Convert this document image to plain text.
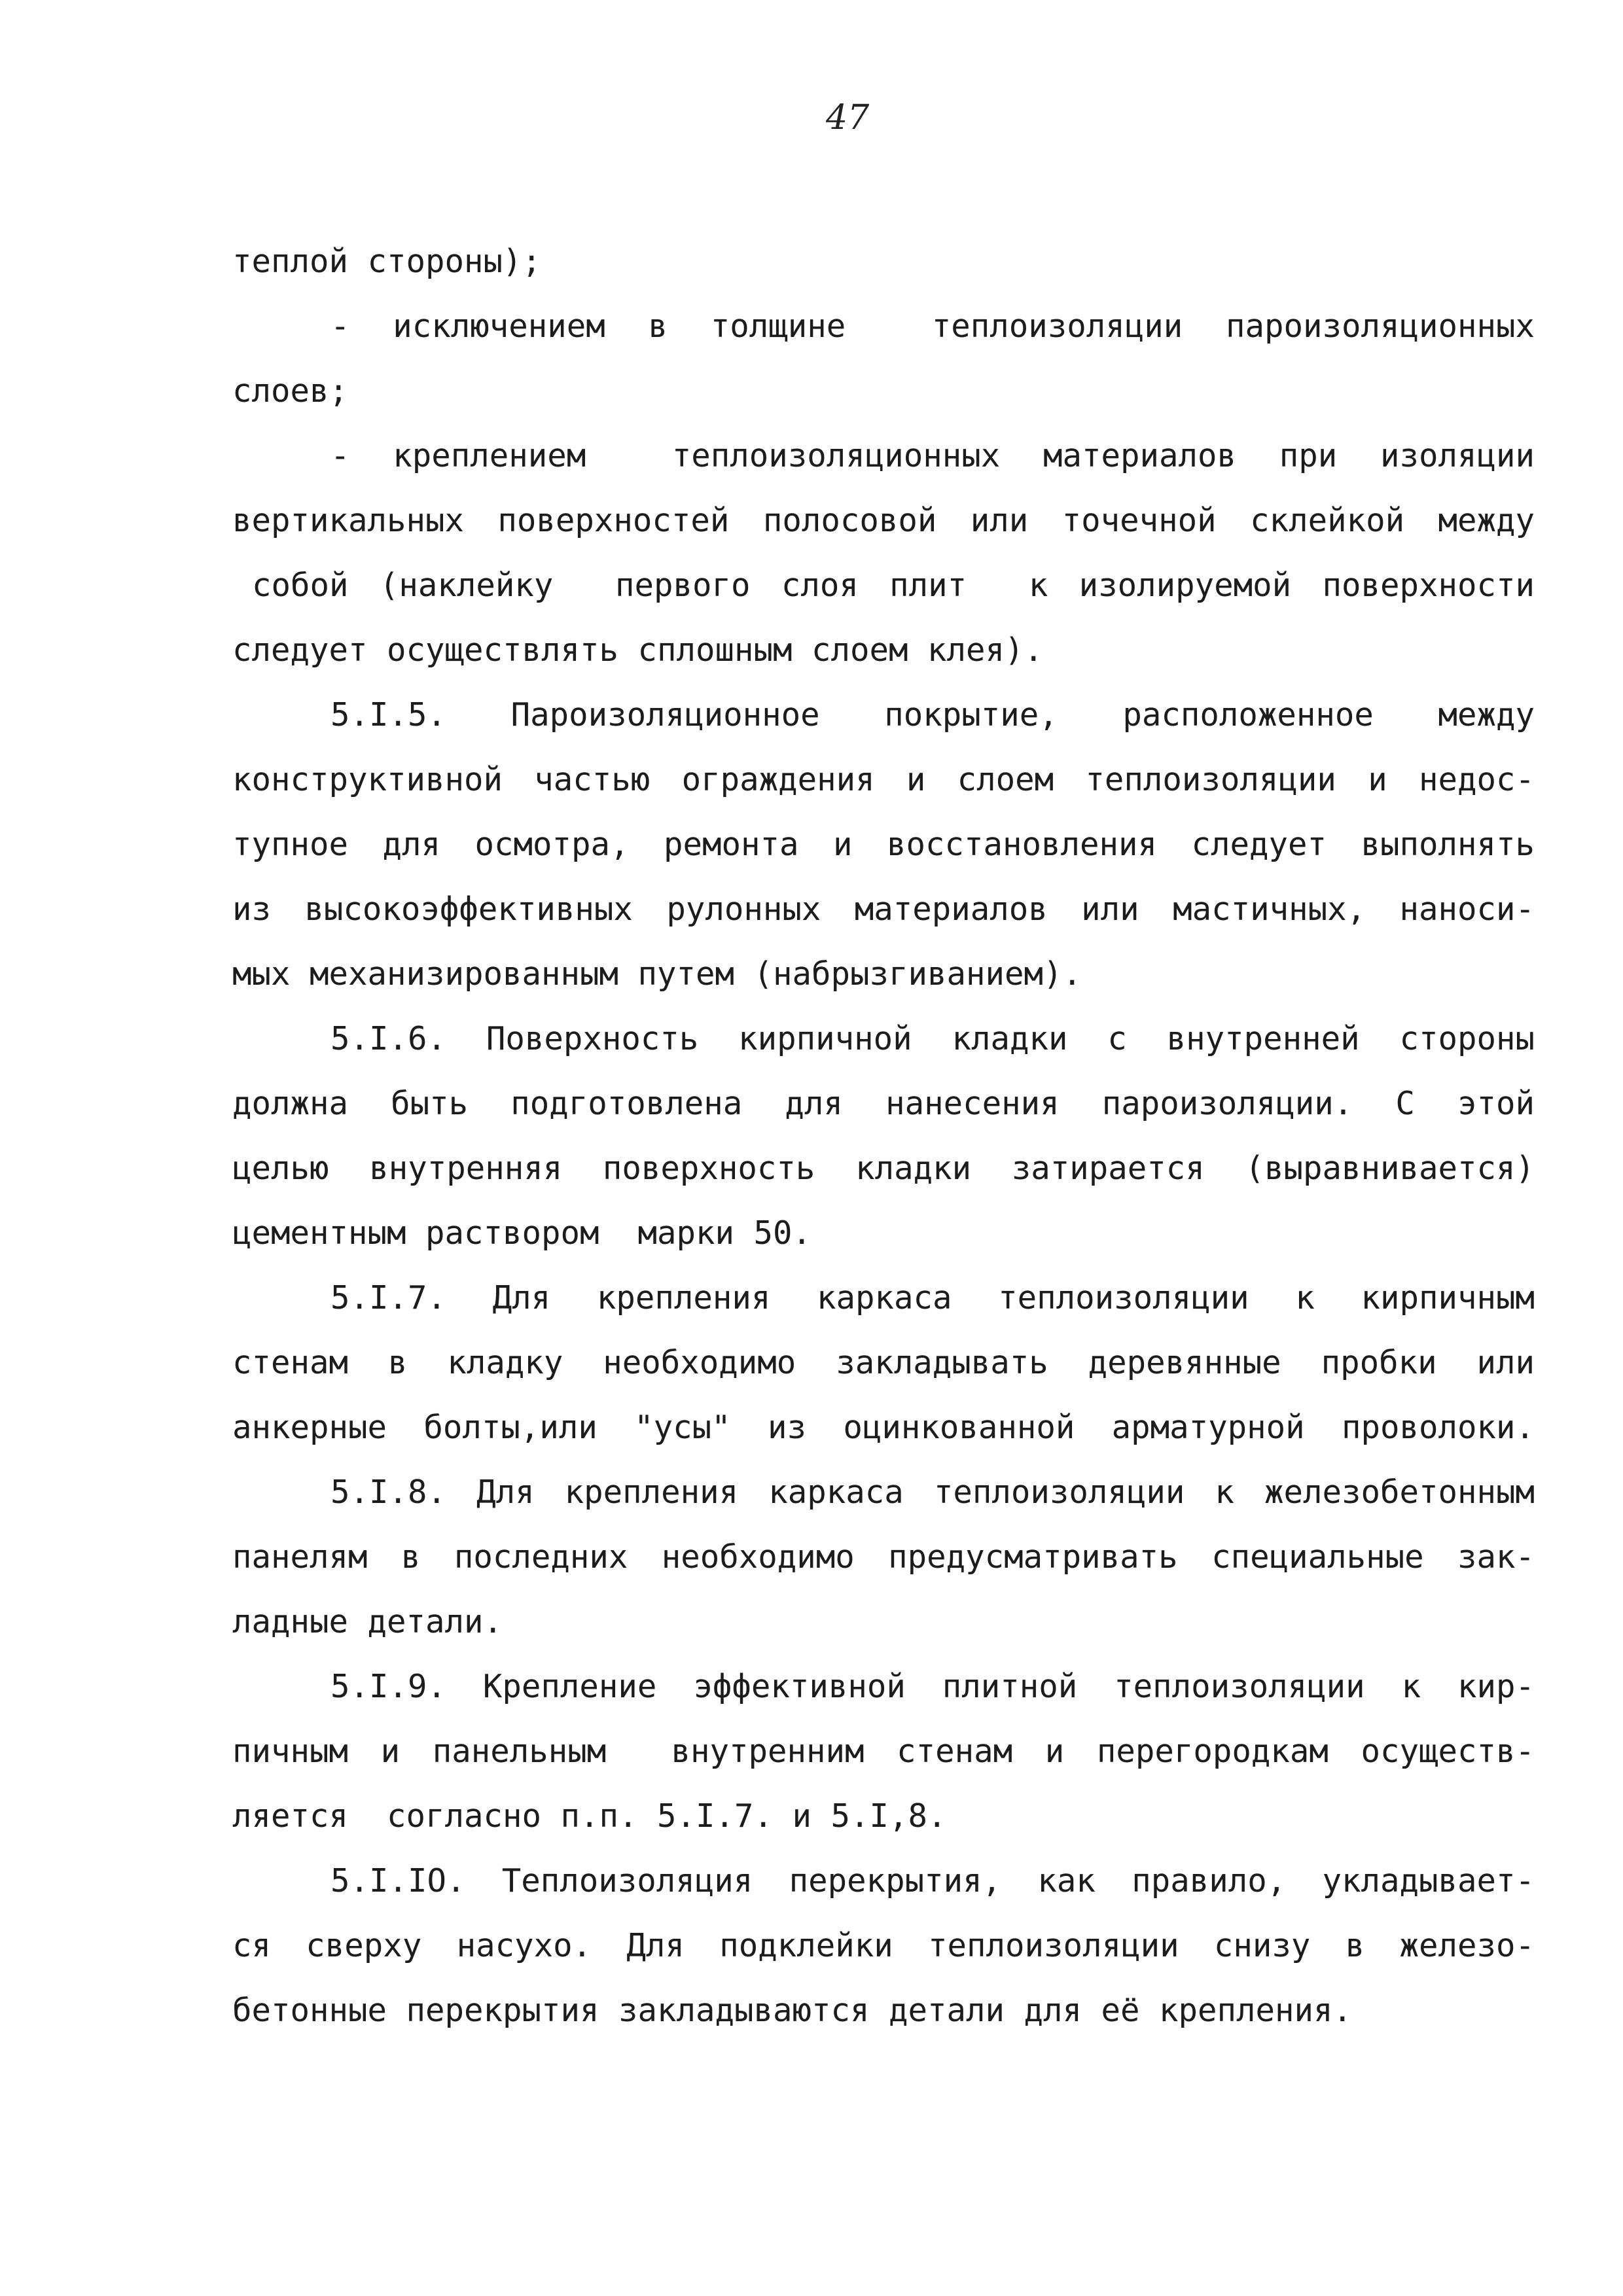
47
теплой стороны);
- исключением в толщине  теплоизоляции пароизоляционных
слоев;
- креплением  теплоизоляционных материалов при изоляции
вертикальных поверхностей полосовой или точечной склейкой между
собой (наклейку  первого слоя плит  к изолируемой поверхности
следует осуществлять сплошным слоем клея).
5.I.5. Пароизоляционное покрытие, расположенное между
конструктивной частью ограждения и слоем теплоизоляции и недос-
тупное для осмотра, ремонта и восстановления следует выполнять
из высокоэффективных рулонных материалов или мастичных, наноси-
мых механизированным путем (набрызгиванием).
5.I.6. Поверхность кирпичной кладки с внутренней стороны
должна быть подготовлена для нанесения пароизоляции. С этой
целью внутренняя поверхность кладки затирается (выравнивается)
цементным раствором  марки 50.
5.I.7. Для крепления каркаса теплоизоляции к кирпичным
стенам в кладку необходимо закладывать деревянные пробки или
анкерные болты,или "усы" из оцинкованной арматурной проволоки.
5.I.8. Для крепления каркаса теплоизоляции к железобетонным
панелям в последних необходимо предусматривать специальные зак-
ладные детали.
5.I.9. Крепление эффективной плитной теплоизоляции к кир-
пичным и панельным  внутренним стенам и перегородкам осуществ-
ляется  согласно п.п. 5.I.7. и 5.I,8.
5.I.IO. Теплоизоляция перекрытия, как правило, укладывает-
ся сверху насухо. Для подклейки теплоизоляции снизу в железо-
бетонные перекрытия закладываются детали для её крепления.
